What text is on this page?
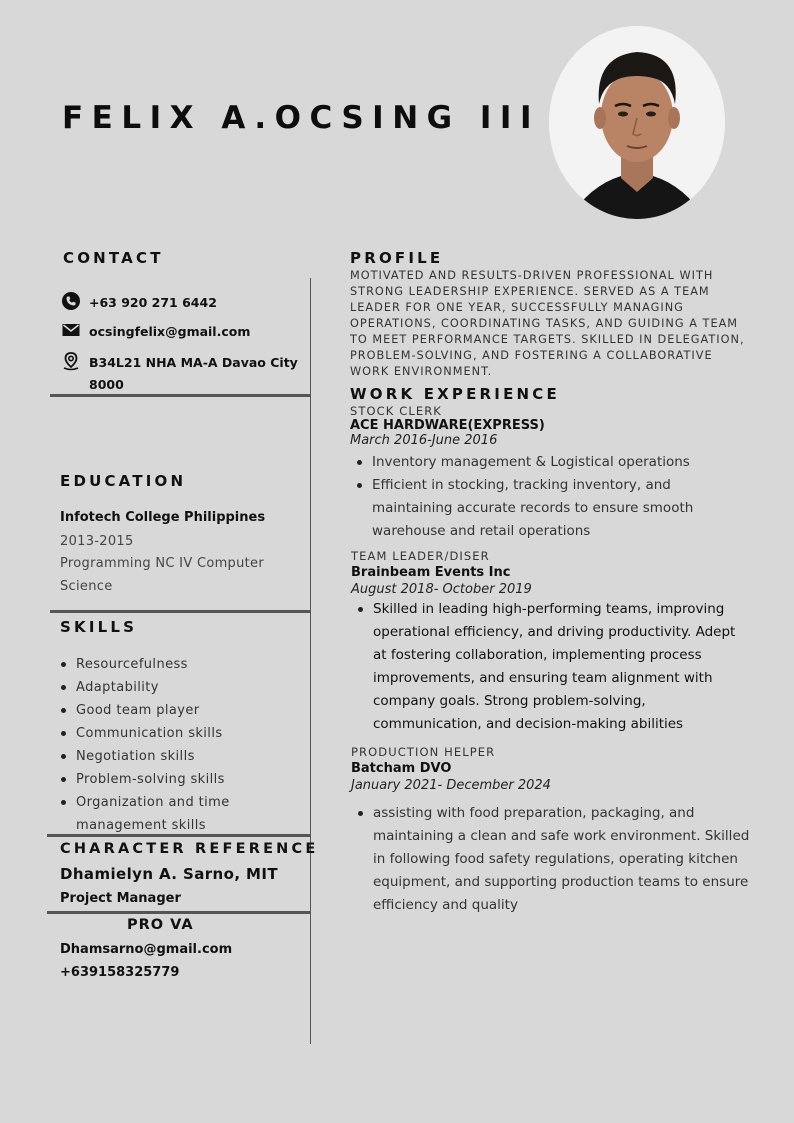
FELIX A.OCSING III
CONTACT
+63 920 271 6442
ocsingfelix@gmail.com
B34L21 NHA MA-A Davao City
8000
EDUCATION
Infotech College Philippines
2013-2015
Programming NC IV Computer
Science
SKILLS
Resourcefulness
Adaptability
Good team player
Communication skills
Negotiation skills
Problem-solving skills
Organization and time management skills
CHARACTER REFERENCE
Dhamielyn A. Sarno, MIT
Project Manager
PRO VA
Dhamsarno@gmail.com
+639158325779
PROFILE
MOTIVATED AND RESULTS-DRIVEN PROFESSIONAL WITH STRONG LEADERSHIP EXPERIENCE. SERVED AS A TEAM LEADER FOR ONE YEAR, SUCCESSFULLY MANAGING OPERATIONS, COORDINATING TASKS, AND GUIDING A TEAM TO MEET PERFORMANCE TARGETS. SKILLED IN DELEGATION, PROBLEM-SOLVING, AND FOSTERING A COLLABORATIVE WORK ENVIRONMENT.
WORK EXPERIENCE
STOCK CLERK
ACE HARDWARE(EXPRESS)
March 2016-June 2016
Inventory management & Logistical operations
Efficient in stocking, tracking inventory, and maintaining accurate records to ensure smooth warehouse and retail operations
TEAM LEADER/DISER
Brainbeam Events Inc
August 2018- October 2019
Skilled in leading high-performing teams, improving operational efficiency, and driving productivity. Adept at fostering collaboration, implementing process improvements, and ensuring team alignment with company goals. Strong problem-solving, communication, and decision-making abilities
PRODUCTION HELPER
Batcham DVO
January 2021- December 2024
assisting with food preparation, packaging, and maintaining a clean and safe work environment. Skilled in following food safety regulations, operating kitchen equipment, and supporting production teams to ensure efficiency and quality
